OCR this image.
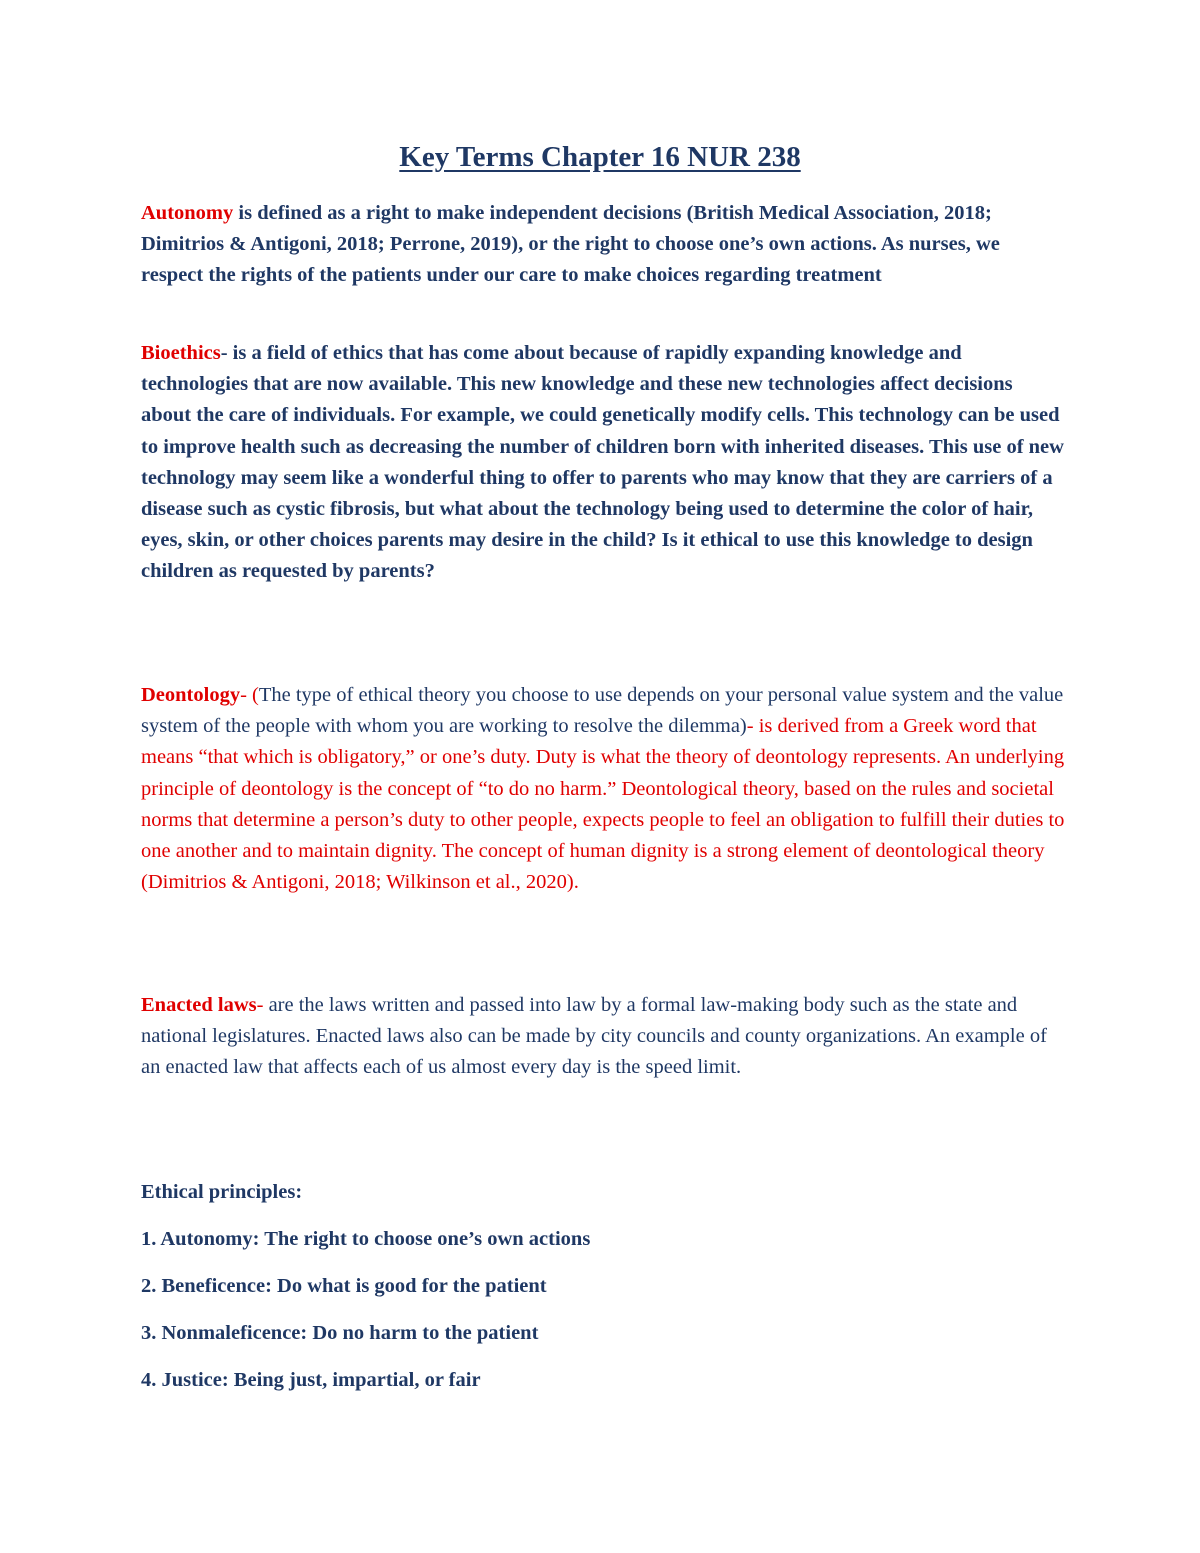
Key Terms Chapter 16 NUR 238

Autonomy is defined as a right to make independent decisions (British Medical Association, 2018; Dimitrios & Antigoni, 2018; Perrone, 2019), or the right to choose one’s own actions. As nurses, we respect the rights of the patients under our care to make choices regarding treatment

Bioethics- is a field of ethics that has come about because of rapidly expanding knowledge and technologies that are now available. This new knowledge and these new technologies affect decisions about the care of individuals. For example, we could genetically modify cells. This technology can be used to improve health such as decreasing the number of children born with inherited diseases. This use of new technology may seem like a wonderful thing to offer to parents who may know that they are carriers of a disease such as cystic fibrosis, but what about the technology being used to determine the color of hair, eyes, skin, or other choices parents may desire in the child? Is it ethical to use this knowledge to design children as requested by parents?

Deontology- (The type of ethical theory you choose to use depends on your personal value system and the value system of the people with whom you are working to resolve the dilemma)- is derived from a Greek word that means “that which is obligatory,” or one’s duty. Duty is what the theory of deontology represents. An underlying principle of deontology is the concept of “to do no harm.” Deontological theory, based on the rules and societal norms that determine a person’s duty to other people, expects people to feel an obligation to fulfill their duties to one another and to maintain dignity. The concept of human dignity is a strong element of deontological theory (Dimitrios & Antigoni, 2018; Wilkinson et al., 2020).

Enacted laws- are the laws written and passed into law by a formal law-making body such as the state and national legislatures. Enacted laws also can be made by city councils and county organizations. An example of an enacted law that affects each of us almost every day is the speed limit.

Ethical principles:

1. Autonomy: The right to choose one’s own actions

2. Beneficence: Do what is good for the patient

3. Nonmaleficence: Do no harm to the patient

4. Justice: Being just, impartial, or fair
